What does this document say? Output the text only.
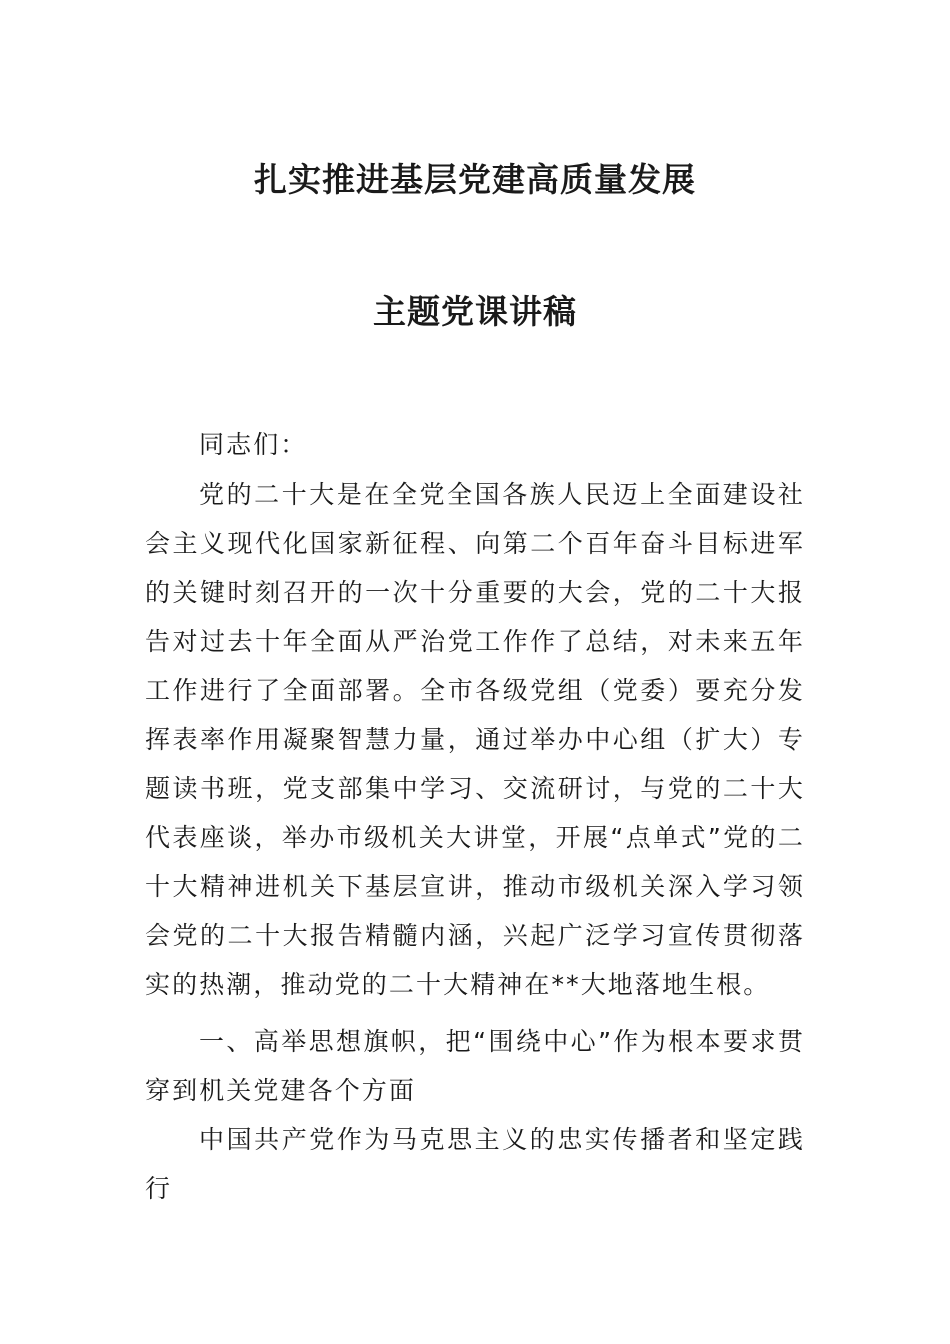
扎实推进基层党建高质量发展
主题党课讲稿

同志们：

党的二十大是在全党全国各族人民迈上全面建设社会主义现代化国家新征程、向第二个百年奋斗目标进军的关键时刻召开的一次十分重要的大会，党的二十大报告对过去十年全面从严治党工作作了总结，对未来五年工作进行了全面部署。全市各级党组（党委）要充分发挥表率作用凝聚智慧力量，通过举办中心组（扩大）专题读书班，党支部集中学习、交流研讨，与党的二十大代表座谈，举办市级机关大讲堂，开展“点单式”党的二十大精神进机关下基层宣讲，推动市级机关深入学习领会党的二十大报告精髓内涵，兴起广泛学习宣传贯彻落实的热潮，推动党的二十大精神在**大地落地生根。

一、高举思想旗帜，把“围绕中心”作为根本要求贯穿到机关党建各个方面

中国共产党作为马克思主义的忠实传播者和坚定践行
